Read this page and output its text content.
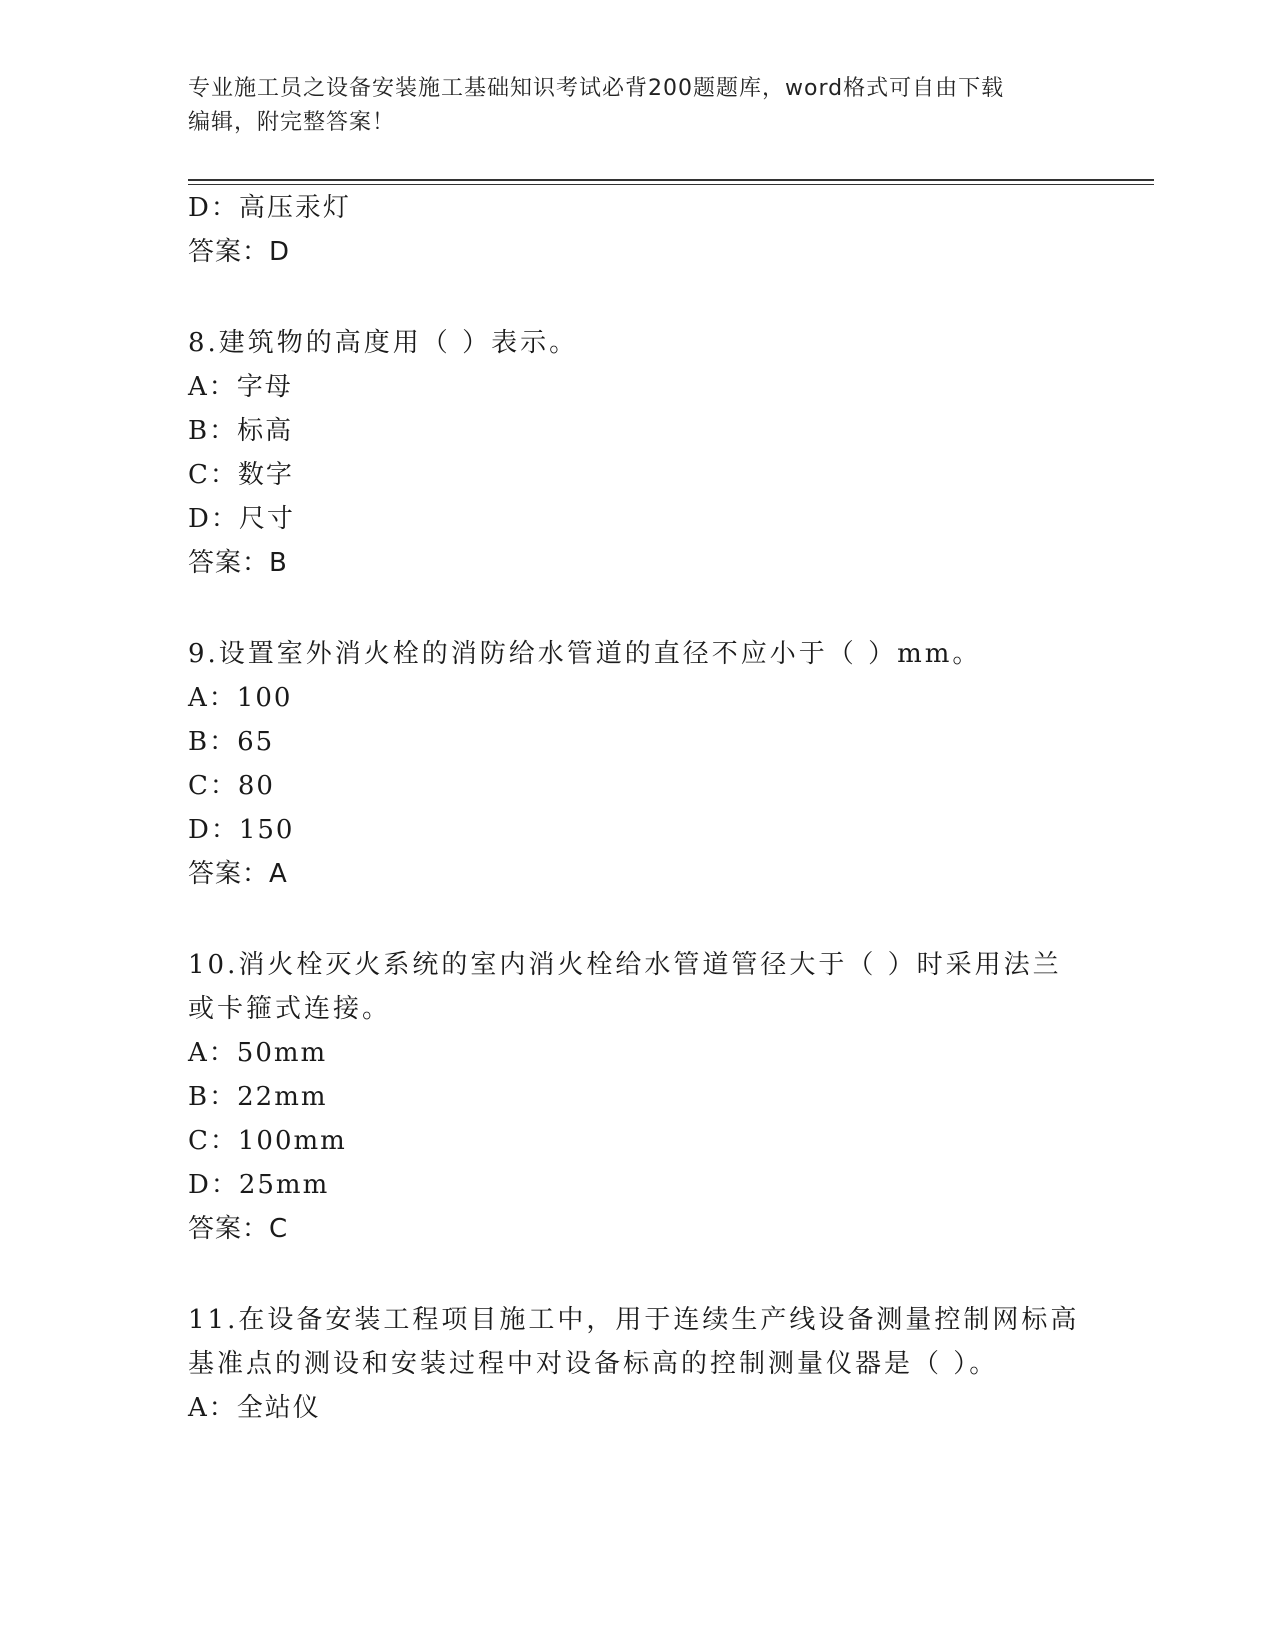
专业施工员之设备安装施工基础知识考试必背200题题库，word格式可自由下载
编辑，附完整答案！
D：高压汞灯
答案：D
8.建筑物的高度用（ ）表示。
A：字母
B：标高
C：数字
D：尺寸
答案：B
9.设置室外消火栓的消防给水管道的直径不应小于（ ）mm。
A：100
B：65
C：80
D：150
答案：A
10.消火栓灭火系统的室内消火栓给水管道管径大于（ ）时采用法兰
或卡箍式连接。
A：50mm
B：22mm
C：100mm
D：25mm
答案：C
11.在设备安装工程项目施工中，用于连续生产线设备测量控制网标高
基准点的测设和安装过程中对设备标高的控制测量仪器是（ ）。
A：全站仪
